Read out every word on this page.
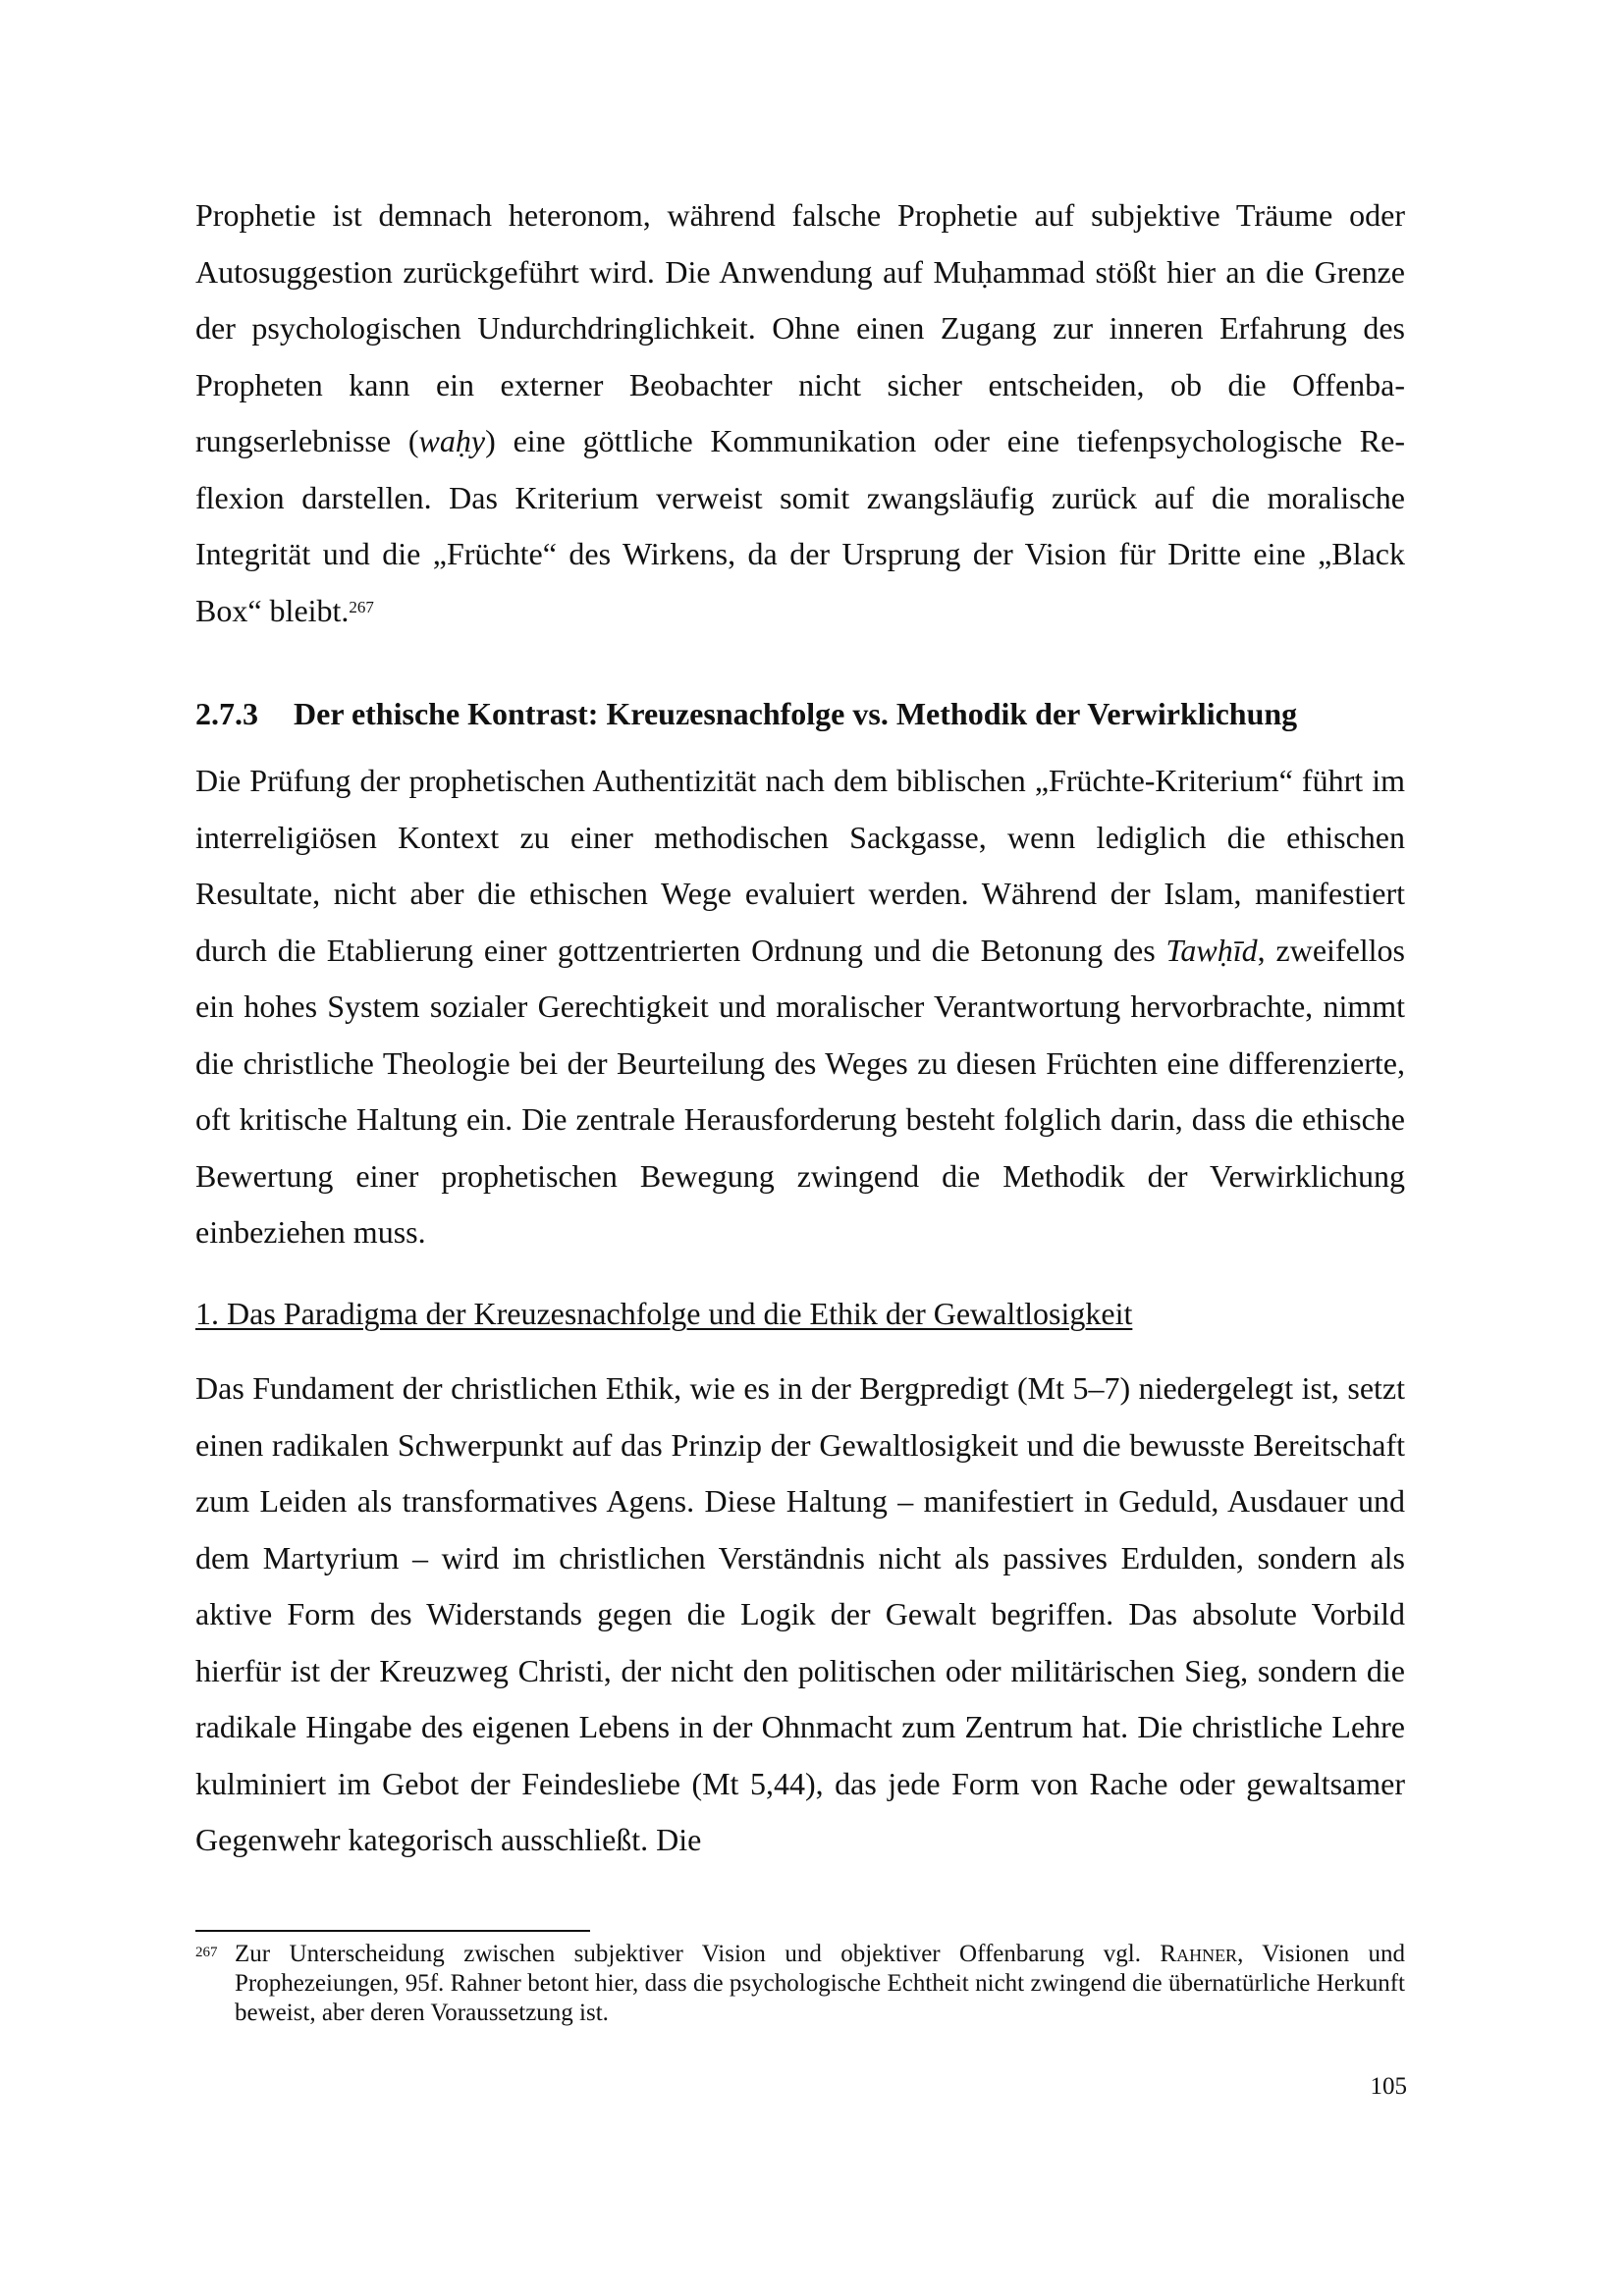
Prophetie ist demnach heteronom, während falsche Prophetie auf subjektive Träume oder Autosuggestion zurückgeführt wird. Die Anwendung auf Muḥammad stößt hier an die Grenze der psychologischen Undurchdringlichkeit. Ohne einen Zugang zur inneren Erfahrung des Propheten kann ein externer Beobachter nicht sicher entscheiden, ob die Offenbarungserlebnisse (waḥy) eine göttliche Kommunikation oder eine tiefenpsychologische Reflexion darstellen. Das Kriterium verweist somit zwangsläufig zurück auf die moralische Integrität und die „Früchte“ des Wirkens, da der Ursprung der Vision für Dritte eine „Black Box“ bleibt.$^{267}$

2.7.3 Der ethische Kontrast: Kreuzesnachfolge vs. Methodik der Verwirklichung

Die Prüfung der prophetischen Authentizität nach dem biblischen „Früchte-Kriterium“ führt im interreligiösen Kontext zu einer methodischen Sackgasse, wenn lediglich die ethischen Resultate, nicht aber die ethischen Wege evaluiert werden. Während der Islam, manifestiert durch die Etablierung einer gottzentrierten Ordnung und die Betonung des Tawḥīd, zweifellos ein hohes System sozialer Gerechtigkeit und moralischer Verantwortung hervorbrachte, nimmt die christliche Theologie bei der Beurteilung des Weges zu diesen Früchten eine differenzierte, oft kritische Haltung ein. Die zentrale Herausforderung besteht folglich darin, dass die ethische Bewertung einer prophetischen Bewegung zwingend die Methodik der Verwirklichung einbeziehen muss.

1. Das Paradigma der Kreuzesnachfolge und die Ethik der Gewaltlosigkeit

Das Fundament der christlichen Ethik, wie es in der Bergpredigt (Mt 5–7) niedergelegt ist, setzt einen radikalen Schwerpunkt auf das Prinzip der Gewaltlosigkeit und die bewusste Bereitschaft zum Leiden als transformatives Agens. Diese Haltung – manifestiert in Geduld, Ausdauer und dem Martyrium – wird im christlichen Verständnis nicht als passives Erdulden, sondern als aktive Form des Widerstands gegen die Logik der Gewalt begriffen. Das absolute Vorbild hierfür ist der Kreuzweg Christi, der nicht den politischen oder militärischen Sieg, sondern die radikale Hingabe des eigenen Lebens in der Ohnmacht zum Zentrum hat. Die christliche Lehre kulminiert im Gebot der Feindesliebe (Mt 5,44), das jede Form von Rache oder gewaltsamer Gegenwehr kategorisch ausschließt. Die

267 Zur Unterscheidung zwischen subjektiver Vision und objektiver Offenbarung vgl. Rahner, Visionen und Prophezeiungen, 95f. Rahner betont hier, dass die psychologische Echtheit nicht zwingend die übernatürliche Herkunft beweist, aber deren Voraussetzung ist.
105
